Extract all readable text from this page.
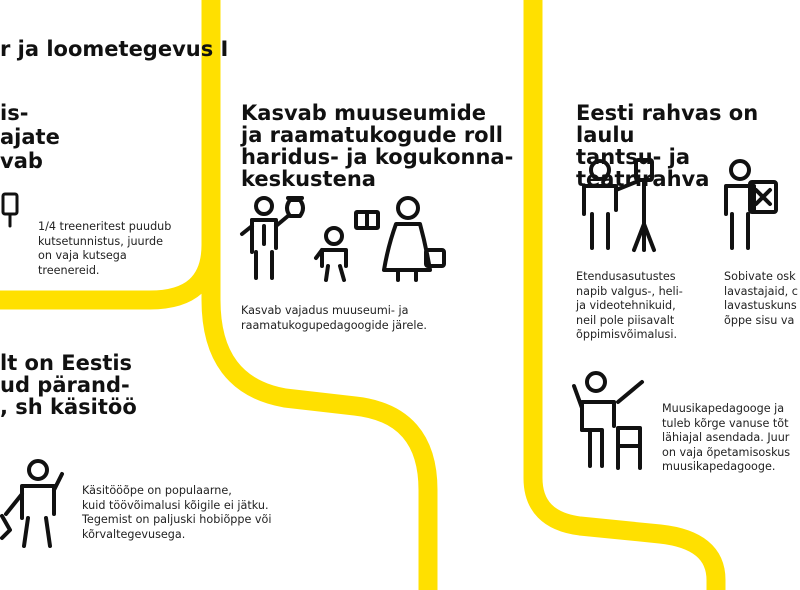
r ja loometegevus I
is-
ajate
vab

1/4 treeneritest puudub
kutsetunnistus, juurde
on vaja kutsega
treenereid.

Kasvab muuseumide
ja raamatukogude roll
haridus- ja kogukonna-
keskustena

Kasvab vajadus muuseumi- ja
raamatukogupedagoogide järele.

Eesti rahvas on laulu
tantsu- ja teatrirahva

Etendusasutustes
napib valgus-, heli-
ja videotehnikuid,
neil pole piisavalt
õppimisvõimalusi.

Sobivate osk
lavastajaid, c
lavastuskuns
õppe sisu va

Muusikapedagooge ja
tuleb kõrge vanuse tõt
lähiajal asendada. Juur
on vaja õpetamisoskus
muusikapedagooge.

lt on Eestis
ud pärand-
, sh käsitöö

Käsitööõpe on populaarne,
kuid töövõimalusi kõigile ei jätku.
Tegemist on paljuski hobiõppe või
kõrvaltegevusega.
